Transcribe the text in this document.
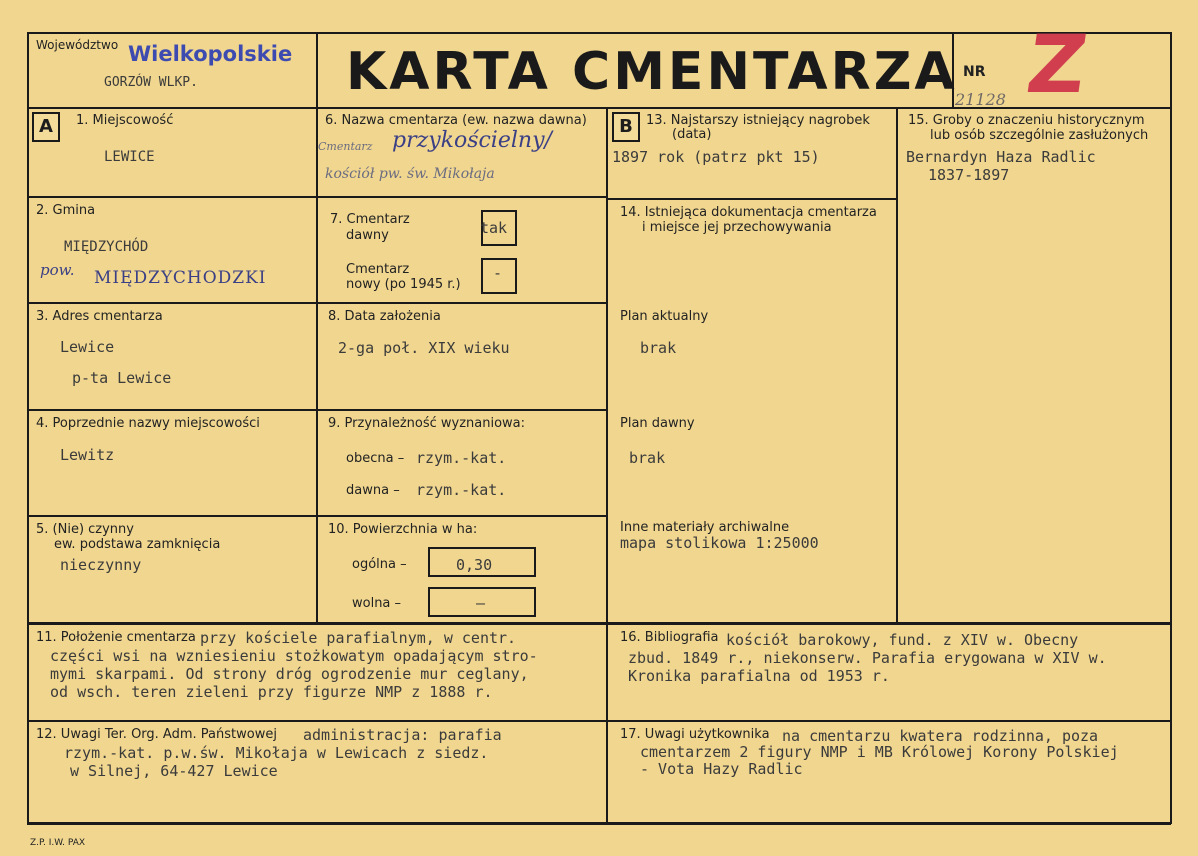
Województwo Wielkopolskie
GORZÓW WLKP.	KARTA CMENTARZA NR
21128 Z
A	B
1. Miejscowość
LEWICE
2. Gmina
MIĘDZYCHÓD
pow. MIĘDZYCHODZKI
3. Adres cmentarza
Lewice
p-ta Lewice
4. Poprzednie nazwy miejscowości
Lewitz
5. (Nie) czynny
ew. podstawa zamknięcia
nieczynny
6. Nazwa cmentarza (ew. nazwa dawna)
Cmentarz przykościelny/
kościół pw. św. Mikołaja
7. Cmentarz
dawny	tak
Cmentarz
nowy (po 1945 r.)
-
8. Data założenia
2-ga poł. XIX wieku
9. Przynależność wyznaniowa:
obecna – rzym.-kat.
dawna – rzym.-kat.
10. Powierzchnia w ha:
ogólna –	0,30
wolna –	–
13. Najstarszy istniejący nagrobek
(data)
1897 rok (patrz pkt 15)
14. Istniejąca dokumentacja cmentarza
i miejsce jej przechowywania
Plan aktualny
brak
Plan dawny
brak
Inne materiały archiwalne
mapa stolikowa 1:25000
15. Groby o znaczeniu historycznym
lub osób szczególnie zasłużonych
Bernardyn Haza Radlic
1837-1897
11. Położenie cmentarza przy kościele parafialnym, w centr.
części wsi na wzniesieniu stożkowatym opadającym stro-
mymi skarpami. Od strony dróg ogrodzenie mur ceglany,
od wsch. teren zieleni przy figurze NMP z 1888 r.
16. Bibliografia kościół barokowy, fund. z XIV w. Obecny
zbud. 1849 r., niekonserw. Parafia erygowana w XIV w.
Kronika parafialna od 1953 r.
12. Uwagi Ter. Org. Adm. Państwowej administracja: parafia
rzym.-kat. p.w.św. Mikołaja w Lewicach z siedz.
w Silnej, 64-427 Lewice
17. Uwagi użytkownika na cmentarzu kwatera rodzinna, poza
cmentarzem 2 figury NMP i MB Królowej Korony Polskiej
- Vota Hazy Radlic
Z.P. I.W. PAX
